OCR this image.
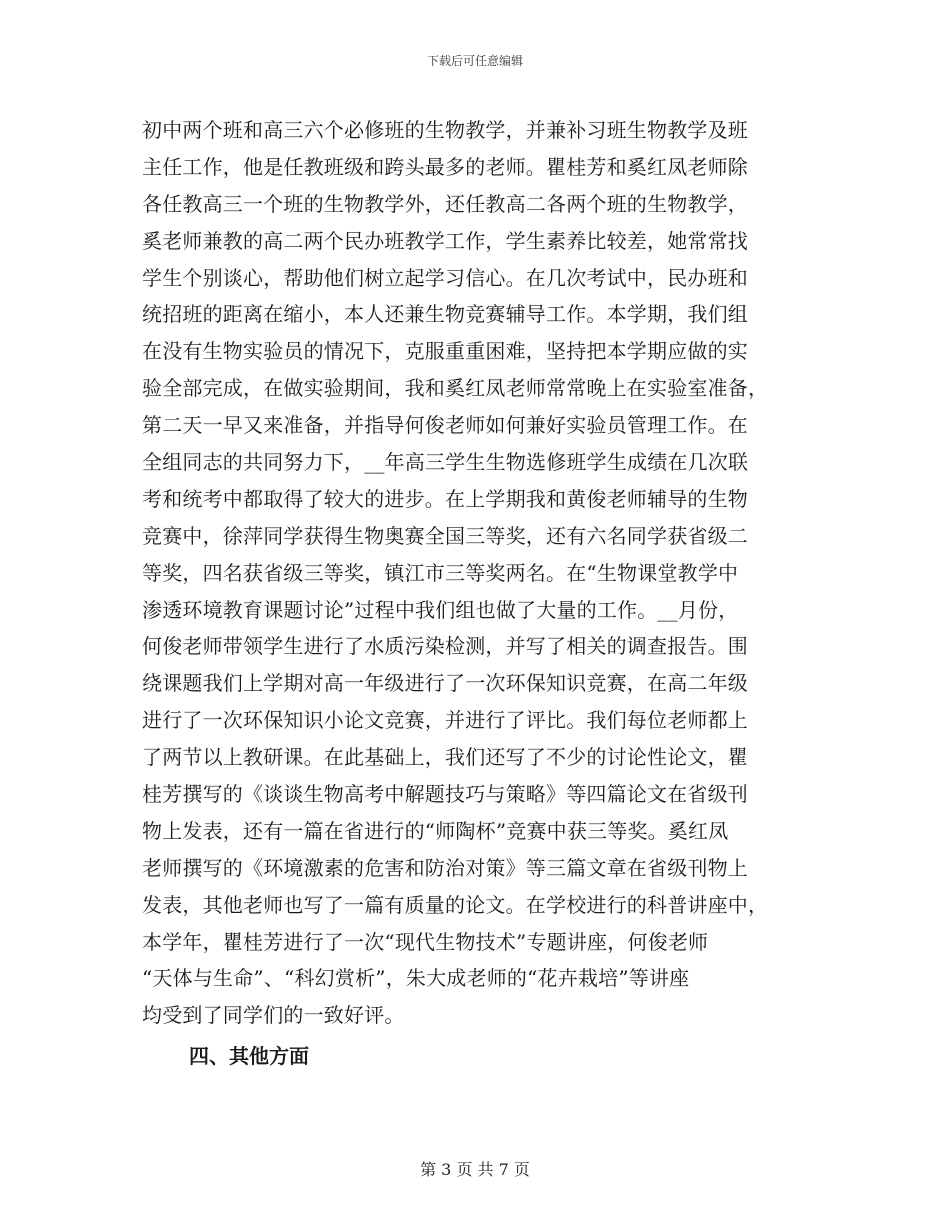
下载后可任意编辑
初中两个班和高三六个必修班的生物教学，并兼补习班生物教学及班
主任工作，他是任教班级和跨头最多的老师。瞿桂芳和奚红凤老师除
各任教高三一个班的生物教学外，还任教高二各两个班的生物教学，
奚老师兼教的高二两个民办班教学工作，学生素养比较差，她常常找
学生个别谈心，帮助他们树立起学习信心。在几次考试中，民办班和
统招班的距离在缩小，本人还兼生物竞赛辅导工作。本学期，我们组
在没有生物实验员的情况下，克服重重困难，坚持把本学期应做的实
验全部完成，在做实验期间，我和奚红凤老师常常晚上在实验室准备，
第二天一早又来准备，并指导何俊老师如何兼好实验员管理工作。在
全组同志的共同努力下，__年高三学生生物选修班学生成绩在几次联
考和统考中都取得了较大的进步。在上学期我和黄俊老师辅导的生物
竞赛中，徐萍同学获得生物奥赛全国三等奖，还有六名同学获省级二
等奖，四名获省级三等奖，镇江市三等奖两名。在“生物课堂教学中
渗透环境教育课题讨论”过程中我们组也做了大量的工作。__月份，
何俊老师带领学生进行了水质污染检测，并写了相关的调查报告。围
绕课题我们上学期对高一年级进行了一次环保知识竞赛，在高二年级
进行了一次环保知识小论文竞赛，并进行了评比。我们每位老师都上
了两节以上教研课。在此基础上，我们还写了不少的讨论性论文，瞿
桂芳撰写的《谈谈生物高考中解题技巧与策略》等四篇论文在省级刊
物上发表，还有一篇在省进行的“师陶杯”竞赛中获三等奖。奚红凤
老师撰写的《环境激素的危害和防治对策》等三篇文章在省级刊物上
发表，其他老师也写了一篇有质量的论文。在学校进行的科普讲座中，
本学年，瞿桂芳进行了一次“现代生物技术”专题讲座，何俊老师
“天体与生命”、“科幻赏析”，朱大成老师的“花卉栽培”等讲座
均受到了同学们的一致好评。
四、其他方面
第 3 页 共 7 页
